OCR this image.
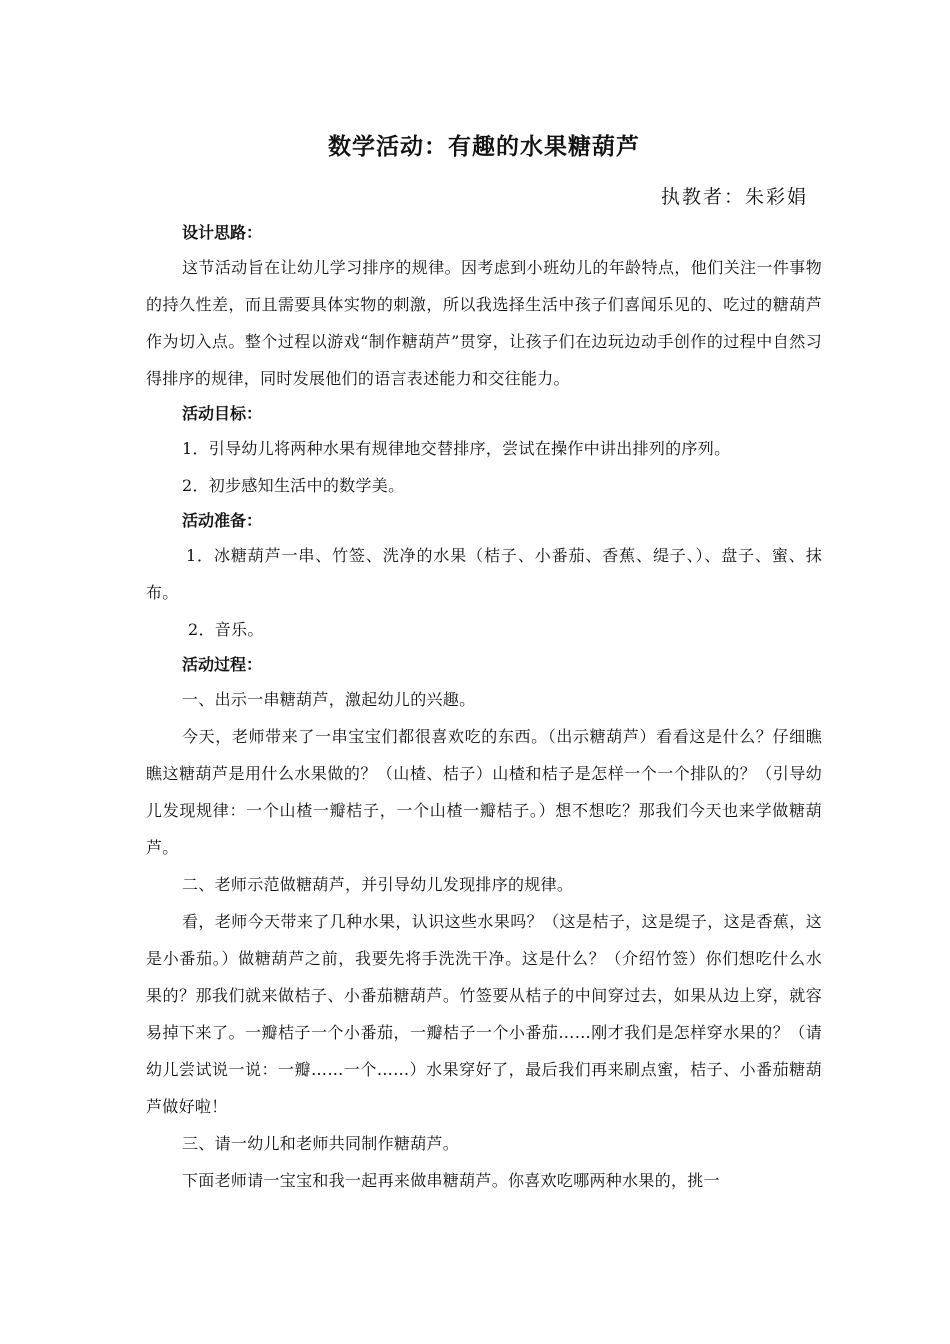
数学活动：有趣的水果糖葫芦
执教者：朱彩娟
设计思路：

这节活动旨在让幼儿学习排序的规律。因考虑到小班幼儿的年龄特点，他们关注一件事物的持久性差，而且需要具体实物的刺激，所以我选择生活中孩子们喜闻乐见的、吃过的糖葫芦作为切入点。整个过程以游戏“制作糖葫芦”贯穿，让孩子们在边玩边动手创作的过程中自然习得排序的规律，同时发展他们的语言表述能力和交往能力。

活动目标：

1．引导幼儿将两种水果有规律地交替排序，尝试在操作中讲出排列的序列。

2．初步感知生活中的数学美。

活动准备：

1．冰糖葫芦一串、竹签、洗净的水果（桔子、小番茄、香蕉、缇子、）、盘子、蜜、抹布。

2．音乐。

活动过程：

一、出示一串糖葫芦，激起幼儿的兴趣。

今天，老师带来了一串宝宝们都很喜欢吃的东西。（出示糖葫芦）看看这是什么？仔细瞧瞧这糖葫芦是用什么水果做的？（山楂、桔子）山楂和桔子是怎样一个一个排队的？（引导幼儿发现规律：一个山楂一瓣桔子，一个山楂一瓣桔子。）想不想吃？那我们今天也来学做糖葫芦。

二、老师示范做糖葫芦，并引导幼儿发现排序的规律。

看，老师今天带来了几种水果，认识这些水果吗？（这是桔子，这是缇子，这是香蕉，这是小番茄。）做糖葫芦之前，我要先将手洗洗干净。这是什么？（介绍竹签）你们想吃什么水果的？那我们就来做桔子、小番茄糖葫芦。竹签要从桔子的中间穿过去，如果从边上穿，就容易掉下来了。一瓣桔子一个小番茄，一瓣桔子一个小番茄……刚才我们是怎样穿水果的？（请幼儿尝试说一说：一瓣……一个……）水果穿好了，最后我们再来刷点蜜，桔子、小番茄糖葫芦做好啦！

三、请一幼儿和老师共同制作糖葫芦。

下面老师请一宝宝和我一起再来做串糖葫芦。你喜欢吃哪两种水果的，挑一
